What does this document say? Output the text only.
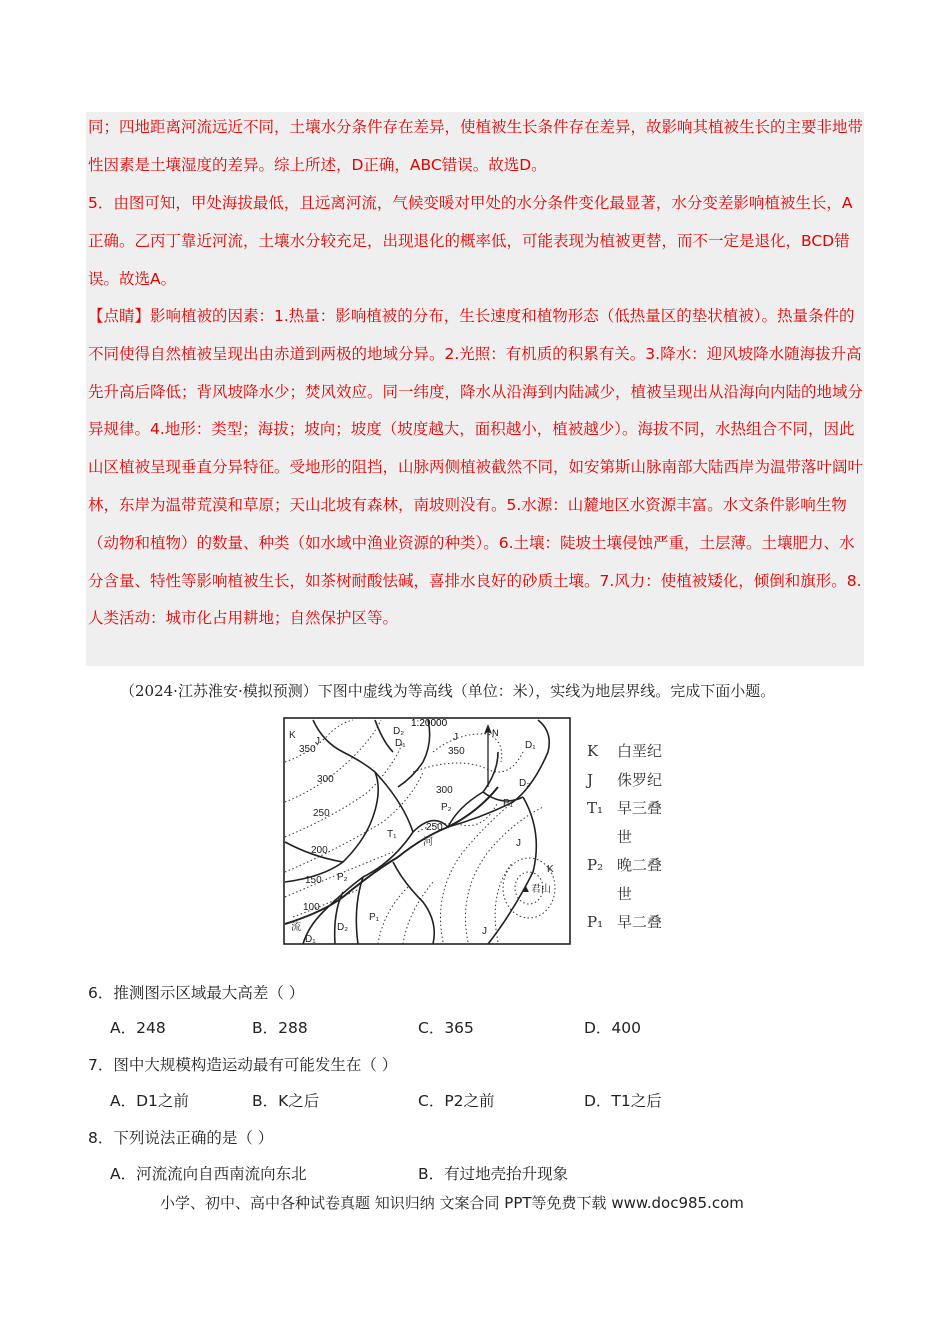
同；四地距离河流远近不同，土壤水分条件存在差异，使植被生长条件存在差异，故影响其植被生长的主要非地带性因素是土壤湿度的差异。综上所述，D正确，ABC错误。故选D。

5．由图可知，甲处海拔最低，且远离河流，气候变暖对甲处的水分条件变化最显著，水分变差影响植被生长，A正确。乙丙丁靠近河流，土壤水分较充足，出现退化的概率低，可能表现为植被更替，而不一定是退化，BCD错误。故选A。

【点睛】影响植被的因素：1.热量：影响植被的分布，生长速度和植物形态（低热量区的垫状植被）。热量条件的不同使得自然植被呈现出由赤道到两极的地域分异。2.光照：有机质的积累有关。3.降水：迎风坡降水随海拔升高先升高后降低；背风坡降水少；焚风效应。同一纬度，降水从沿海到内陆减少，植被呈现出从沿海向内陆的地域分异规律。4.地形：类型；海拔；坡向；坡度（坡度越大，面积越小，植被越少）。海拔不同，水热组合不同，因此山区植被呈现垂直分异特征。受地形的阻挡，山脉两侧植被截然不同，如安第斯山脉南部大陆西岸为温带落叶阔叶林，东岸为温带荒漠和草原；天山北坡有森林，南坡则没有。5.水源：山麓地区水资源丰富。水文条件影响生物（动物和植物）的数量、种类（如水域中渔业资源的种类）。6.土壤：陡坡土壤侵蚀严重，土层薄。土壤肥力、水分含量、特性等影响植被生长，如茶树耐酸怯碱，喜排水良好的砂质土壤。7.风力：使植被矮化，倾倒和旗形。8.人类活动：城市化占用耕地；自然保护区等。

（2024·江苏淮安·模拟预测）下图中虚线为等高线（单位：米），实线为地层界线。完成下面小题。

1:20000
N
350
300
250
200
150
100
350
300
250
河
流
▲君山
K
J
D₂
D₁
J
D₁
D₂
P₂	P₁
T₁
J
K
P₂
P₁
D₂
D₁
J
K 白垩纪
J 侏罗纪
T₁ 早三叠
世
P₂ 晚二叠
世
P₁ 早二叠

6．推测图示区域最大高差（ ）

A．248	B．288	C．365	D．400

7．图中大规模构造运动最有可能发生在（ ）

A．D1之前	B．K之后	C．P2之前	D．T1之后

8．下列说法正确的是（ ）

A．河流流向自西南流向东北	B．有过地壳抬升现象
小学、初中、高中各种试卷真题 知识归纳 文案合同 PPT等免费下载 www.doc985.com
